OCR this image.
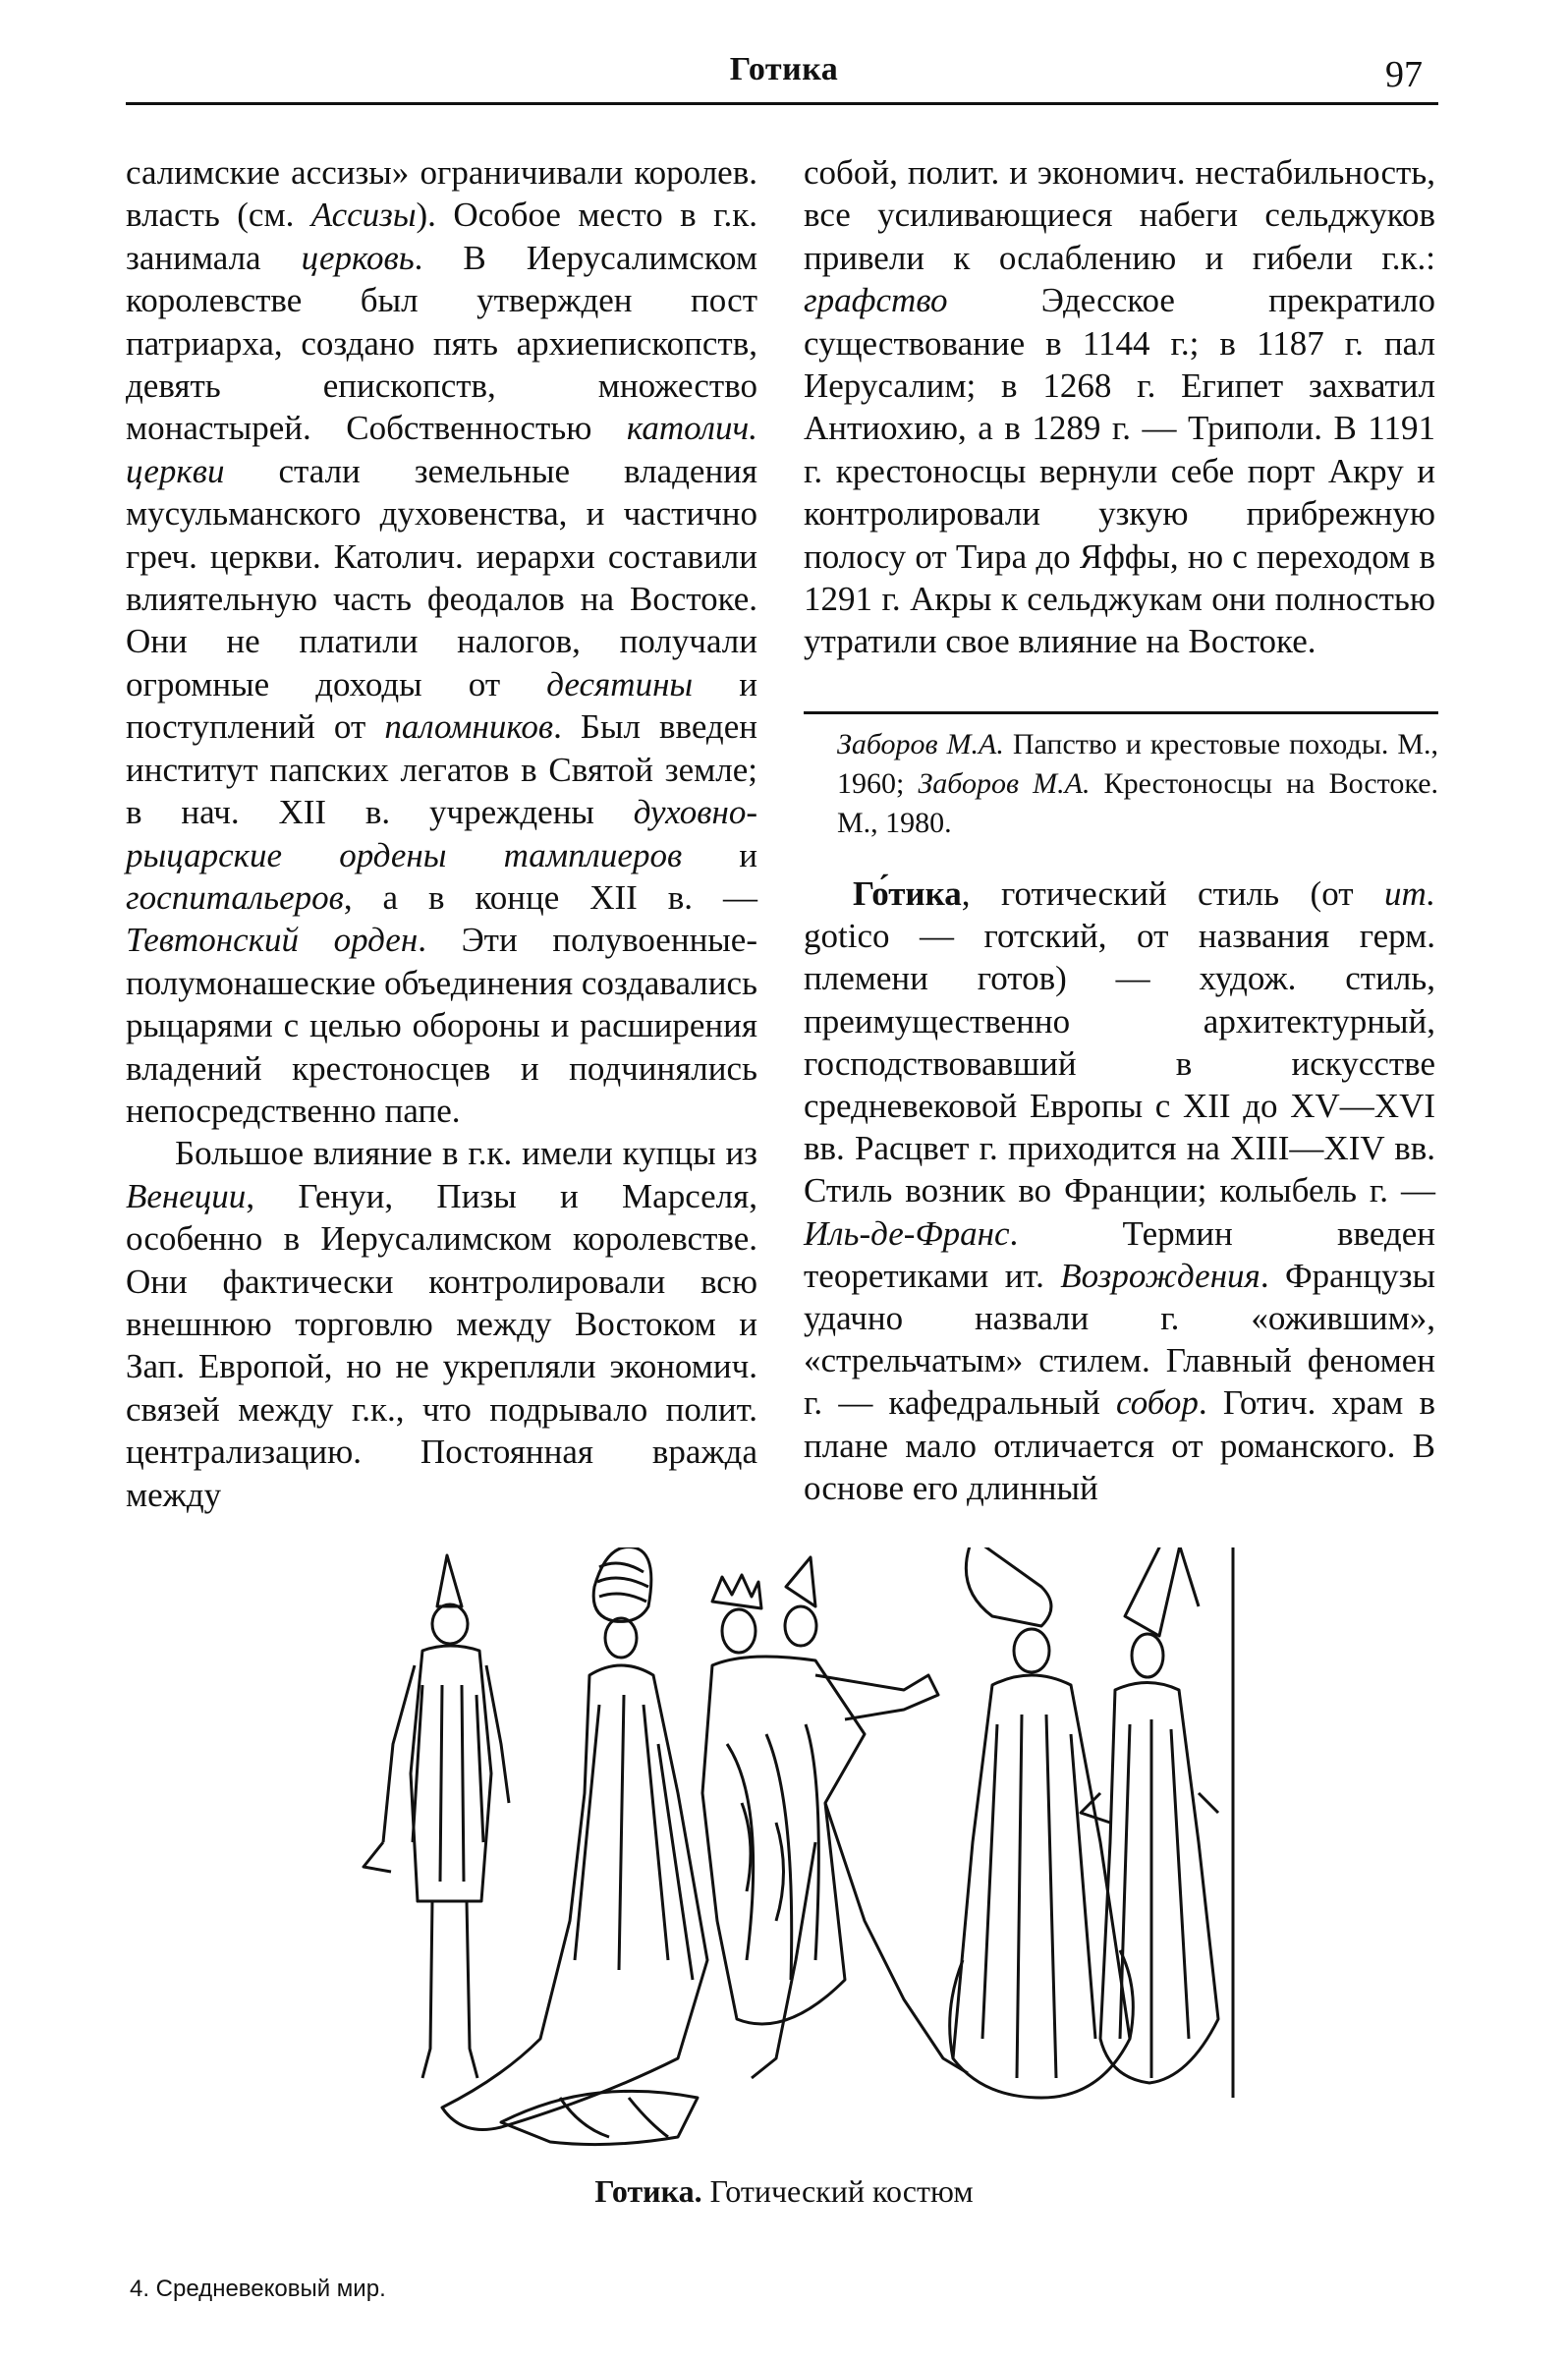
Готика	97

салимские ассизы» ограничивали королев. власть (см. Ассизы). Особое место в г.к. занимала церковь. В Иерусалимском королевстве был утвержден пост патриарха, создано пять архиепископств, девять епископств, множество монастырей. Собственностью католич. церкви стали земельные владения мусульманского духовенства, и частично греч. церкви. Католич. иерархи составили влиятельную часть феодалов на Востоке. Они не платили налогов, получали огромные доходы от десятины и поступлений от паломников. Был введен институт папских легатов в Святой земле; в нач. XII в. учреждены духовно-рыцарские ордены тамплиеров и госпитальеров, а в конце XII в. — Тевтонский орден. Эти полувоенные-полумонашеские объединения создавались рыцарями с целью обороны и расширения владений крестоносцев и подчинялись непосредственно папе.

Большое влияние в г.к. имели купцы из Венеции, Генуи, Пизы и Марселя, особенно в Иерусалимском королевстве. Они фактически контролировали всю внешнюю торговлю между Востоком и Зап. Европой, но не укрепляли экономич. связей между г.к., что подрывало полит. централизацию. Постоянная вражда между

собой, полит. и экономич. нестабильность, все усиливающиеся набеги сельджуков привели к ослаблению и гибели г.к.: графство Эдесское прекратило существование в 1144 г.; в 1187 г. пал Иерусалим; в 1268 г. Египет захватил Антиохию, а в 1289 г. — Триполи. В 1191 г. крестоносцы вернули себе порт Акру и контролировали узкую прибрежную полосу от Тира до Яффы, но с переходом в 1291 г. Акры к сельджукам они полностью утратили свое влияние на Востоке.

Заборов М.А. Папство и крестовые походы. М., 1960; Заборов М.А. Крестоносцы на Востоке. М., 1980.

Го́тика, готический стиль (от ит. gotico — готский, от названия герм. племени готов) — худож. стиль, преимущественно архитектурный, господствовавший в искусстве средневековой Европы с XII до XV—XVI вв. Расцвет г. приходится на XIII—XIV вв. Стиль возник во Франции; колыбель г. — Иль-де-Франс. Термин введен теоретиками ит. Возрождения. Французы удачно назвали г. «ожившим», «стрельчатым» стилем. Главный феномен г. — кафедральный собор. Готич. храм в плане мало отличается от романского. В основе его длинный

Готика. Готический костюм
4. Средневековый мир.
